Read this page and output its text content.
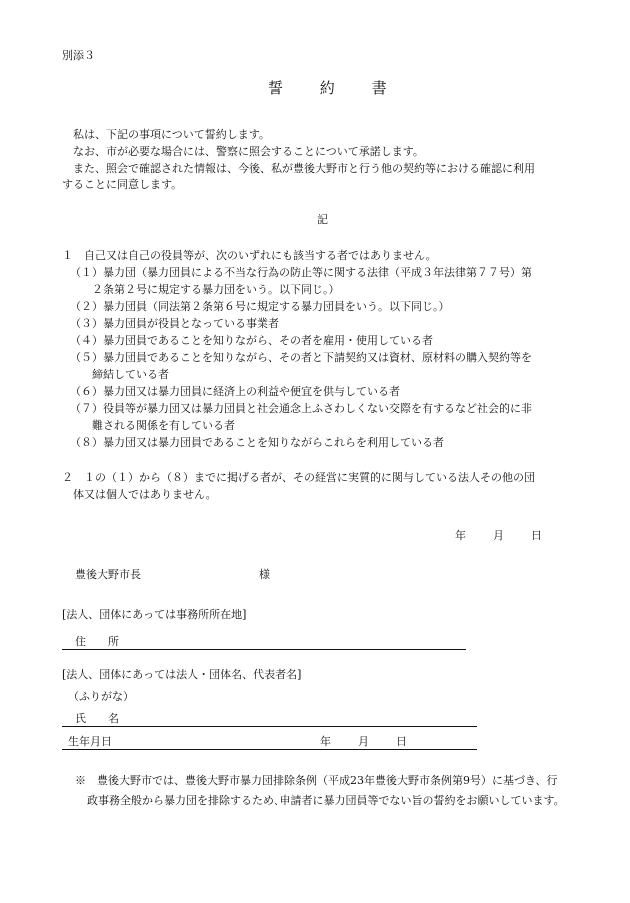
別添３
誓 約 書
　私は、下記の事項について誓約します。
　なお、市が必要な場合には、警察に照会することについて承諾します。
　また、照会で確認された情報は、今後、私が豊後大野市と行う他の契約等における確認に利用
することに同意します。
記
１　自己又は自己の役員等が、次のいずれにも該当する者ではありません。
（１）暴力団（暴力団員による不当な行為の防止等に関する法律（平成３年法律第７７号）第
　　２条第２号に規定する暴力団をいう。以下同じ。）
（２）暴力団員（同法第２条第６号に規定する暴力団員をいう。以下同じ。）
（３）暴力団員が役員となっている事業者
（４）暴力団員であることを知りながら、その者を雇用・使用している者
（５）暴力団員であることを知りながら、その者と下請契約又は資材、原材料の購入契約等を
　　締結している者
（６）暴力団又は暴力団員に経済上の利益や便宜を供与している者
（７）役員等が暴力団又は暴力団員と社会通念上ふさわしくない交際を有するなど社会的に非
　　難される関係を有している者
（８）暴力団又は暴力団員であることを知りながらこれらを利用している者
２　１の（１）から（８）までに掲げる者が、その経営に実質的に関与している法人その他の団
　体又は個人ではありません。
年 月 日
豊後大野市長	様
[法人、団体にあっては事務所所在地]
住　　所
[法人、団体にあっては法人・団体名、代表者名]
（ふりがな）
氏　　名
生年月日	年 月 日
※　豊後大野市では、豊後大野市暴力団排除条例（平成23年豊後大野市条例第9号）に基づき、行
政事務全般から暴力団を排除するため､申請者に暴力団員等でない旨の誓約をお願いしています。
